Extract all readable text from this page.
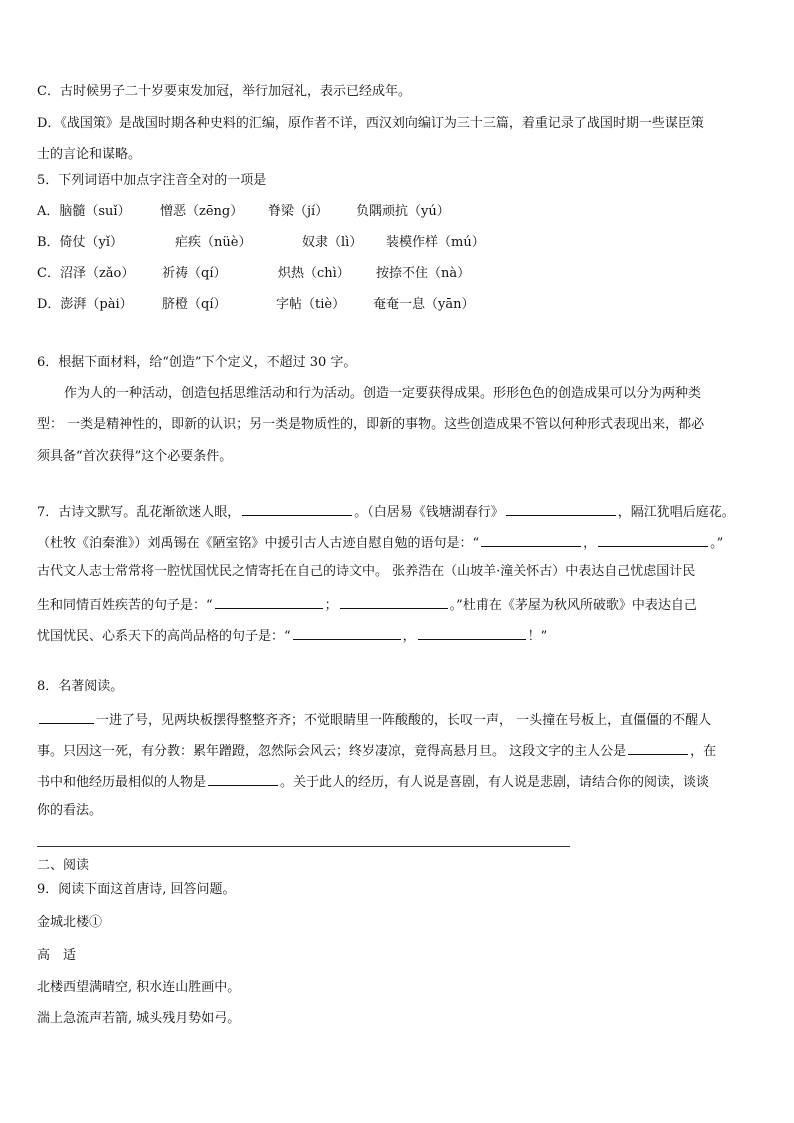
C．古时候男子二十岁要束发加冠，举行加冠礼，表示已经成年。
D．《战国策》是战国时期各种史料的汇编，原作者不详，西汉刘向编订为三十三篇，着重记录了战国时期一些谋臣策
士的言论和谋略。
5．下列词语中加点字注音全对的一项是
A．脑髓（suǐ） 憎恶（zēng） 脊梁（jí） 负隅顽抗（yú）
B．倚仗（yǐ）	疟疾（nüè）	奴隶（lì） 装模作样（mú）
C．沼泽（zǎo） 祈祷（qí）	炽热（chì） 按捺不住（nà）
D．澎湃（pài） 脐橙（qí）	字帖（tiè） 奄奄一息（yān）
6．根据下面材料，给“创造”下个定义，不超过 30 字。
作为人的一种活动，创造包括思维活动和行为活动。创造一定要获得成果。形形色色的创造成果可以分为两种类
型： 一类是精神性的，即新的认识；另一类是物质性的，即新的事物。这些创造成果不管以何种形式表现出来，都必
须具备“首次获得”这个必要条件。
7．古诗文默写。乱花渐欲迷人眼，	。（白居易《钱塘湖春行》	，隔江犹唱后庭花。
（杜牧《泊秦淮》）刘禹锡在《陋室铭》中援引古人古迹自慰自勉的语句是：“	，	。”
古代文人志士常常将一腔忧国忧民之情寄托在自己的诗文中。 张养浩在（山坡羊·潼关怀古）中表达自己忧虑国计民
生和同情百姓疾苦的句子是：“	；	。”杜甫在《茅屋为秋风所破歌》中表达自己
忧国忧民、心系天下的高尚品格的句子是：“	，	！”
8．名著阅读。
一进了号，见两块板摆得整整齐齐；不觉眼睛里一阵酸酸的，长叹一声， 一头撞在号板上，直僵僵的不醒人
事。只因这一死，有分教：累年蹭蹬，忽然际会风云；终岁凄凉，竟得高悬月旦。 这段文字的主人公是	，在
书中和他经历最相似的人物是	。关于此人的经历，有人说是喜剧，有人说是悲剧，请结合你的阅读，谈谈
你的看法。
二、阅读
9．阅读下面这首唐诗, 回答问题。
金城北楼①
高　适
北楼西望满晴空, 积水连山胜画中。
湍上急流声若箭, 城头残月势如弓。
